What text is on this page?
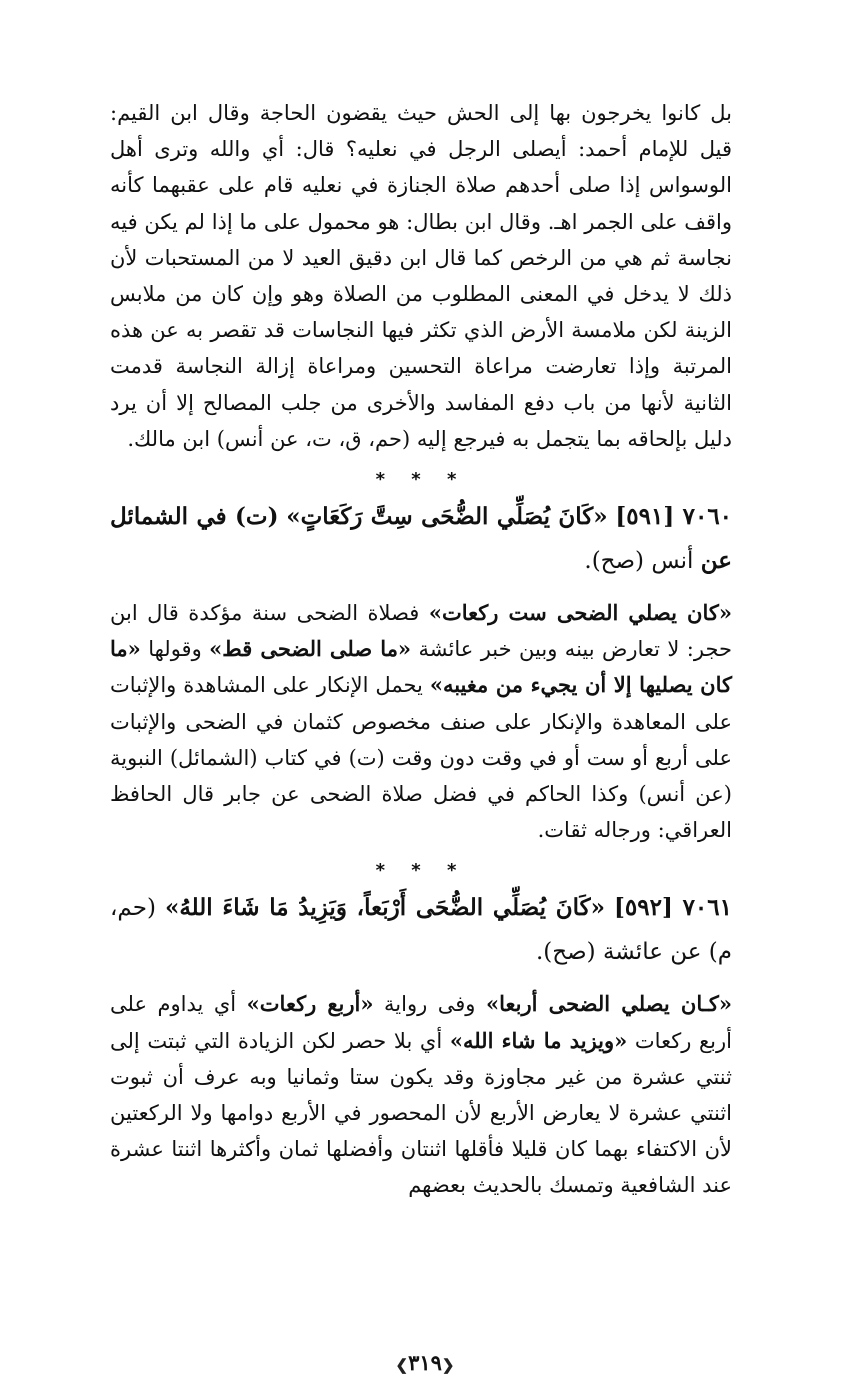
بل كانوا يخرجون بها إلى الحش حيث يقضون الحاجة وقال ابن القيم: قيل للإمام أحمد: أيصلى الرجل في نعليه؟ قال: أي والله وترى أهل الوسواس إذا صلى أحدهم صلاة الجنازة في نعليه قام على عقبهما كأنه واقف على الجمر اهـ. وقال ابن بطال: هو محمول على ما إذا لم يكن فيه نجاسة ثم هي من الرخص كما قال ابن دقيق العيد لا من المستحبات لأن ذلك لا يدخل في المعنى المطلوب من الصلاة وهو وإن كان من ملابس الزينة لكن ملامسة الأرض الذي تكثر فيها النجاسات قد تقصر به عن هذه المرتبة وإذا تعارضت مراعاة التحسين ومراعاة إزالة النجاسة قدمت الثانية لأنها من باب دفع المفاسد والأخرى من جلب المصالح إلا أن يرد دليل بإلحاقه بما يتجمل به فيرجع إليه (حم، ق، ت، عن أنس) ابن مالك.

* * *

٧٠٦٠ [٥٩١] «كَانَ يُصَلِّي الضُّحَى سِتَّ رَكَعَاتٍ» (ت) في الشمائل عن أنس (صح).

«كان يصلي الضحى ست ركعات» فصلاة الضحى سنة مؤكدة قال ابن حجر: لا تعارض بينه وبين خبر عائشة «ما صلى الضحى قط» وقولها «ما كان يصليها إلا أن يجيء من مغيبه» يحمل الإنكار على المشاهدة والإثبات على المعاهدة والإنكار على صنف مخصوص كثمان في الضحى والإثبات على أربع أو ست أو في وقت دون وقت (ت) في كتاب (الشمائل) النبوية (عن أنس) وكذا الحاكم في فضل صلاة الضحى عن جابر قال الحافظ العراقي: ورجاله ثقات.

* * *

٧٠٦١ [٥٩٢] «كَانَ يُصَلِّي الضُّحَى أَرْبَعاً، وَيَزِيدُ مَا شَاءَ اللهُ» (حم، م) عن عائشة (صح).

«كـان يصلي الضحى أربعا» وفى رواية «أربع ركعات» أي يداوم على أربع ركعات «ويزيد ما شاء الله» أي بلا حصر لكن الزيادة التي ثبتت إلى ثنتي عشرة من غير مجاوزة وقد يكون ستا وثمانيا وبه عرف أن ثبوت اثنتي عشرة لا يعارض الأربع لأن المحصور في الأربع دوامها ولا الركعتين لأن الاكتفاء بهما كان قليلا فأقلها اثنتان وأفضلها ثمان وأكثرها اثنتا عشرة عند الشافعية وتمسك بالحديث بعضهم

❮٣١٩❯
